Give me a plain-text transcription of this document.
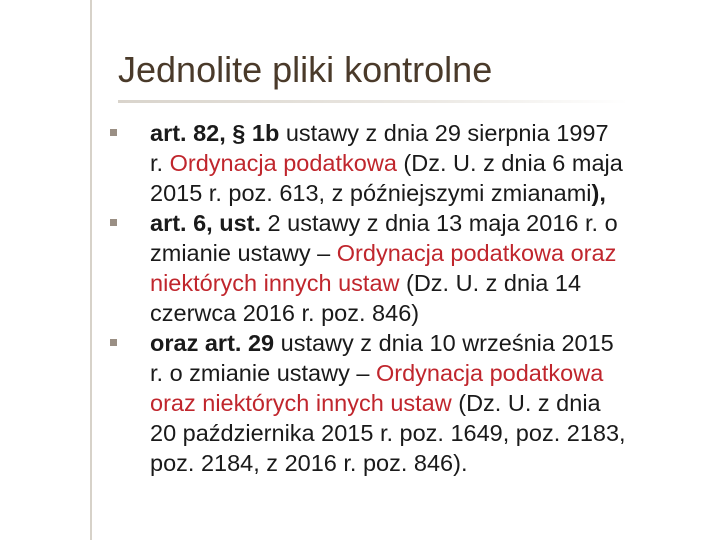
Jednolite pliki kontrolne
art. 82, § 1b ustawy z dnia 29 sierpnia 1997
r. Ordynacja podatkowa (Dz. U. z dnia 6 maja
2015 r. poz. 613, z późniejszymi zmianami),
art. 6, ust. 2 ustawy z dnia 13 maja 2016 r. o
zmianie ustawy – Ordynacja podatkowa oraz
niektórych innych ustaw (Dz. U. z dnia 14
czerwca 2016 r. poz. 846)
oraz art. 29 ustawy z dnia 10 września 2015
r. o zmianie ustawy – Ordynacja podatkowa
oraz niektórych innych ustaw (Dz. U. z dnia
20 października 2015 r. poz. 1649, poz. 2183,
poz. 2184, z 2016 r. poz. 846).
